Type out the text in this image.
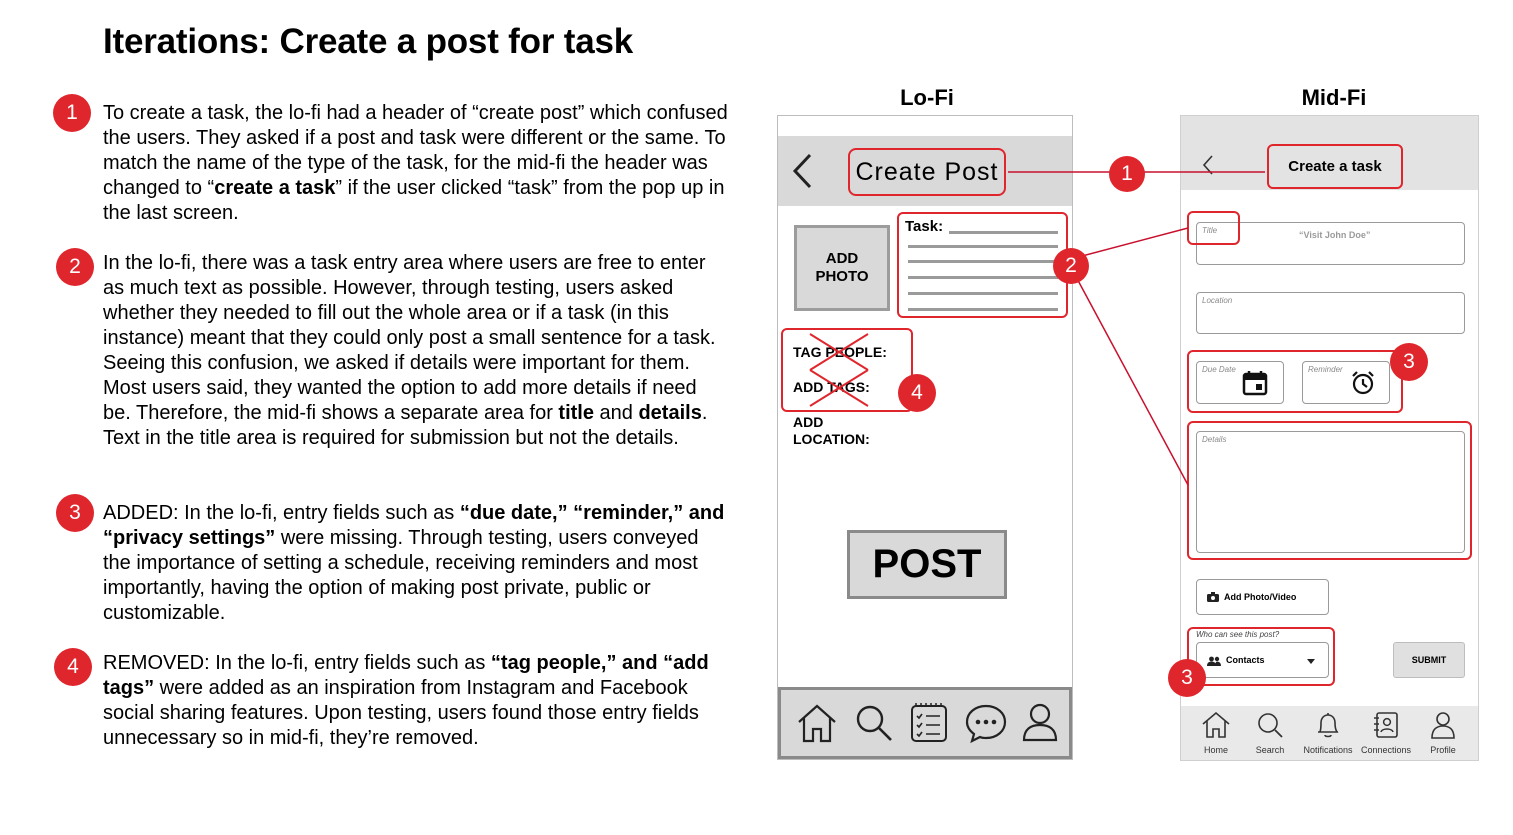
Iterations: Create a post for task
1	To create a task, the lo-fi had a header of “create post” which confused the users. They asked if a post and task were different or the same. To match the name of the type of the task, for the mid-fi the header was changed to “create a task” if the user clicked “task” from the pop up in the last screen.
2	In the lo-fi, there was a task entry area where users are free to enter as much text as possible. However, through testing, users asked whether they needed to fill out the whole area or if a task (in this instance) meant that they could only post a small sentence for a task. Seeing this confusion, we asked if details were important for them. Most users said, they wanted the option to add more details if need be. Therefore, the mid-fi shows a separate area for title and details. Text in the title area is required for submission but not the details.
3	ADDED: In the lo-fi, entry fields such as “due date,” “reminder,” and “privacy settings” were missing. Through testing, users conveyed the importance of setting a schedule, receiving reminders and most importantly, having the option of making post private, public or customizable.
4	REMOVED: In the lo-fi, entry fields such as “tag people,” and “add tags” were added as an inspiration from Instagram and Facebook social sharing features. Upon testing, users found those entry fields unnecessary so in mid-fi, they’re removed.
Lo-Fi	Mid-Fi
Create Post
ADD
PHOTO
Task:
TAG PEOPLE:
ADD TAGS:
ADD
LOCATION:
POST
Create a task
Title	“Visit John Doe”
Location
Due Date	Reminder
Details
Add Photo/Video
Who can see this post?
Contacts	SUBMIT
Home	Search	Notifications Connections	Profile
1
2
3
3
4
